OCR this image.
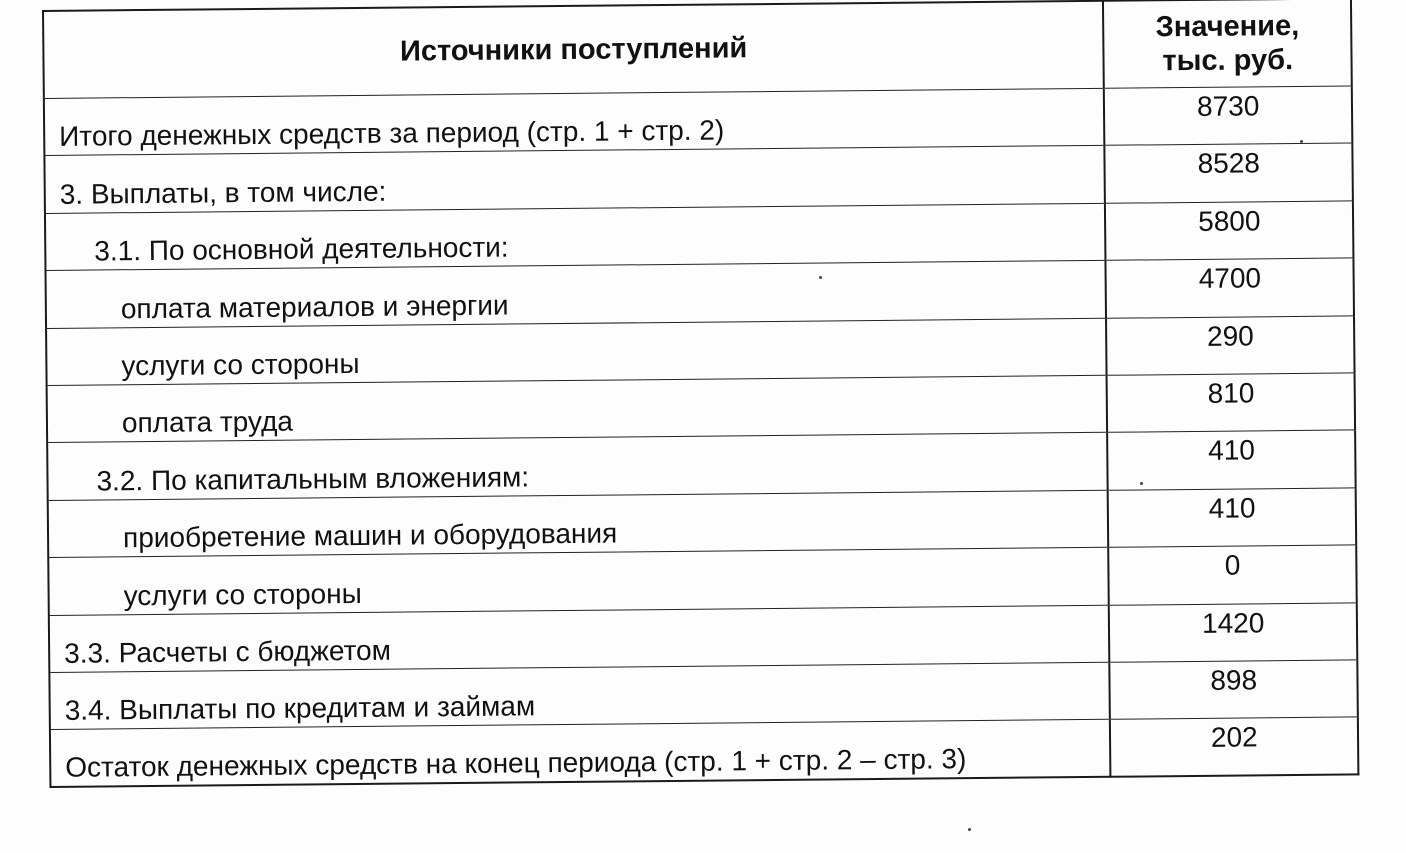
Источники поступлений	Значение,
тыс. руб.
Итого денежных средств за период (стр. 1 + стр. 2)	8730
3. Выплаты, в том числе:	8528
3.1. По основной деятельности:	5800
оплата материалов и энергии	4700
услуги со стороны	290
оплата труда	810
3.2. По капитальным вложениям:	410
приобретение машин и оборудования	410
услуги со стороны	0
3.3. Расчеты с бюджетом	1420
3.4. Выплаты по кредитам и займам	898
Остаток денежных средств на конец периода (стр. 1 + стр. 2 – стр. 3)	202
